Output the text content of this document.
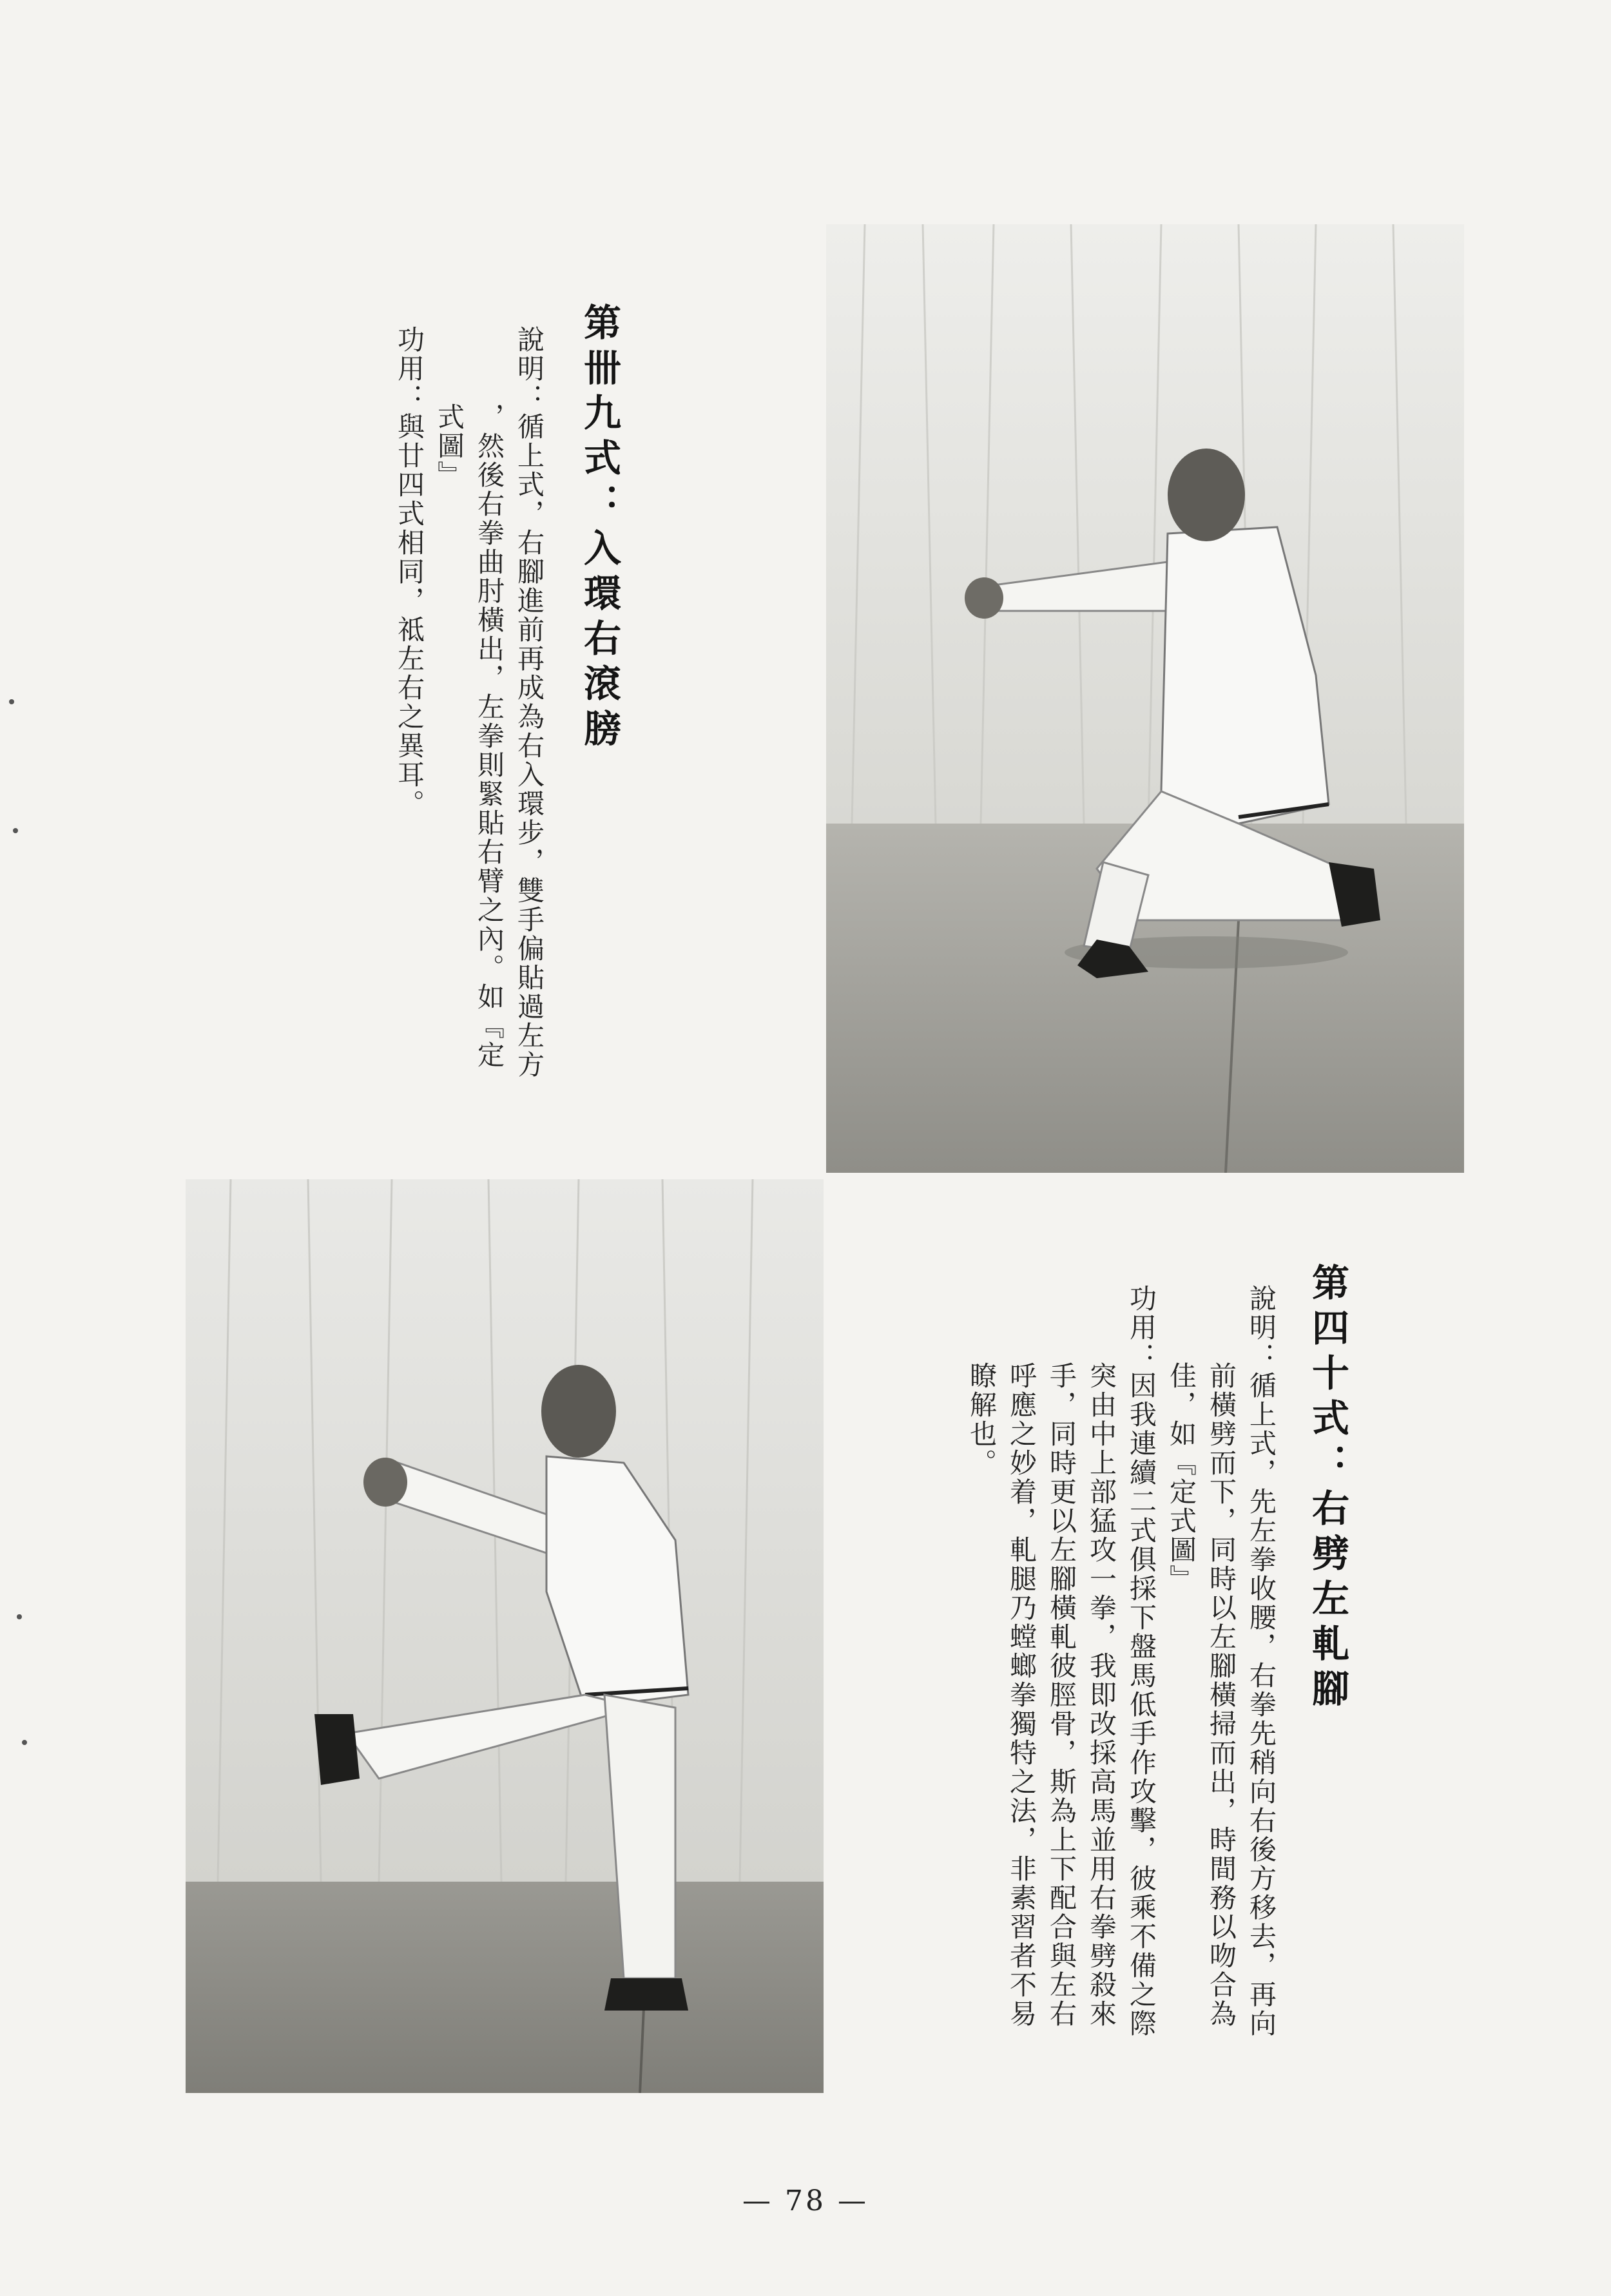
第卌九式：入環右滾膀
說明：循上式，右腳進前再成為右入環步，雙手偏貼過左方
，然後右拳曲肘橫出，左拳則緊貼右臂之內。如『定
式圖』
功用：與廿四式相同，祗左右之異耳。
第四十式：右劈左軋腳
說明：循上式，先左拳收腰，右拳先稍向右後方移去，再向
前橫劈而下，同時以左腳橫掃而出，時間務以吻合為
佳，如『定式圖』
功用：因我連續二式俱採下盤馬低手作攻擊，彼乘不備之際
突由中上部猛攻一拳，我即改採高馬並用右拳劈殺來
手，同時更以左腳橫軋彼脛骨，斯為上下配合與左右
呼應之妙着，軋腿乃螳螂拳獨特之法，非素習者不易
瞭解也。
— 78 —
